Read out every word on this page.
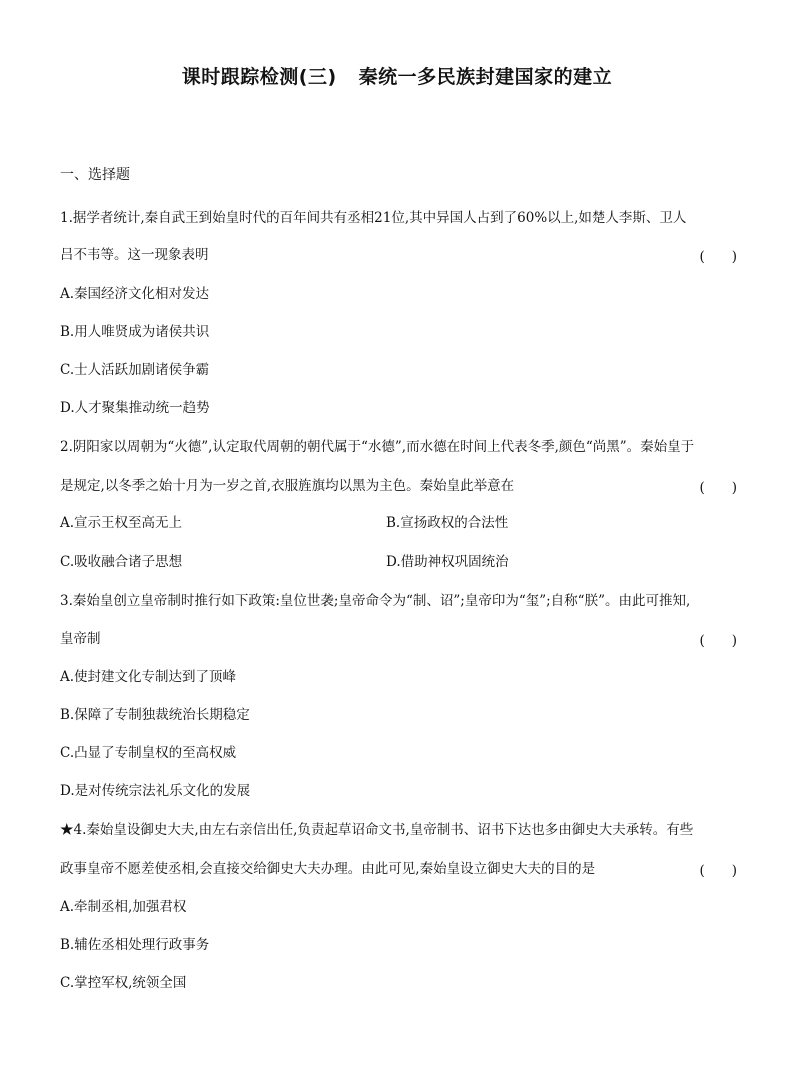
课时跟踪检测(三) 秦统一多民族封建国家的建立
一、选择题
1.据学者统计,秦自武王到始皇时代的百年间共有丞相21位,其中异国人占到了60%以上,如楚人李斯、卫人
吕不韦等。这一现象表明	(　　)
A.秦国经济文化相对发达
B.用人唯贤成为诸侯共识
C.士人活跃加剧诸侯争霸
D.人才聚集推动统一趋势
2.阴阳家以周朝为“火德”,认定取代周朝的朝代属于“水德”,而水德在时间上代表冬季,颜色“尚黑”。秦始皇于
是规定,以冬季之始十月为一岁之首,衣服旌旗均以黑为主色。秦始皇此举意在	(　　)
A.宣示王权至高无上	B.宣扬政权的合法性
C.吸收融合诸子思想	D.借助神权巩固统治
3.秦始皇创立皇帝制时推行如下政策:皇位世袭;皇帝命令为“制、诏”;皇帝印为“玺”;自称“朕”。由此可推知,
皇帝制	(　　)
A.使封建文化专制达到了顶峰
B.保障了专制独裁统治长期稳定
C.凸显了专制皇权的至高权威
D.是对传统宗法礼乐文化的发展
★4.秦始皇设御史大夫,由左右亲信出任,负责起草诏命文书,皇帝制书、诏书下达也多由御史大夫承转。有些
政事皇帝不愿差使丞相,会直接交给御史大夫办理。由此可见,秦始皇设立御史大夫的目的是	(　　)
A.牵制丞相,加强君权
B.辅佐丞相处理行政事务
C.掌控军权,统领全国
